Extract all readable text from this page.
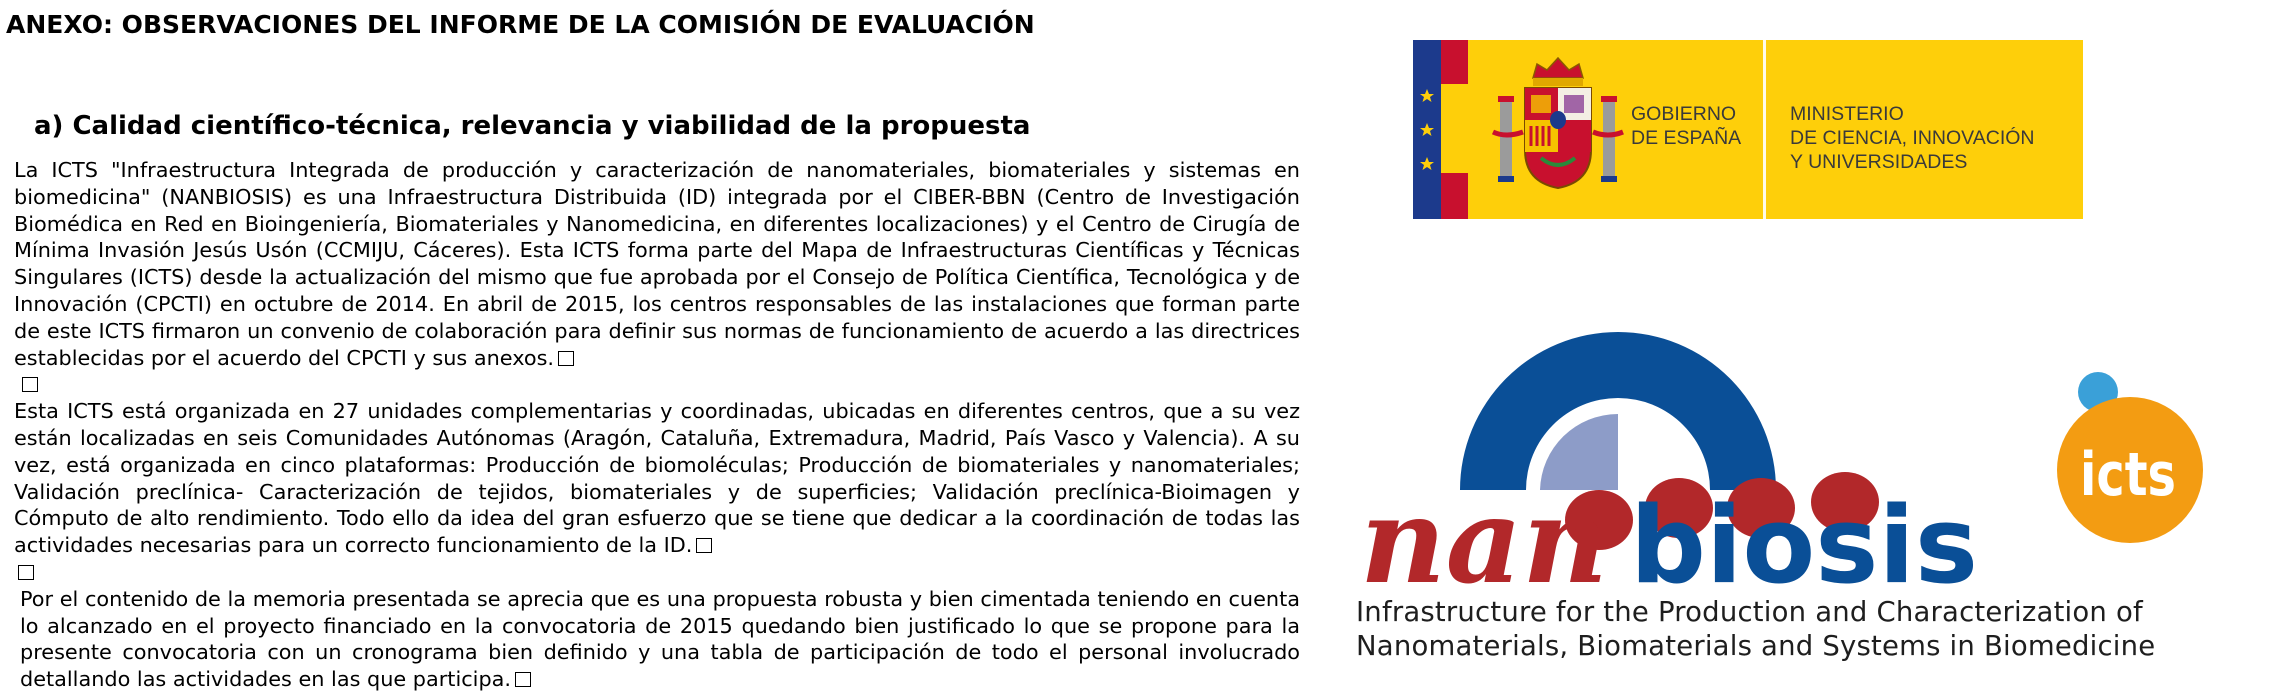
ANEXO: OBSERVACIONES DEL INFORME DE LA COMISIÓN DE EVALUACIÓN
a) Calidad científico-técnica, relevancia y viabilidad de la propuesta

La ICTS "Infraestructura Integrada de producción y caracterización de nanomateriales, biomateriales y sistemas en biomedicina" (NANBIOSIS) es una Infraestructura Distribuida (ID) integrada por el CIBER-BBN (Centro de Investigación Biomédica en Red en Bioingeniería, Biomateriales y Nanomedicina, en diferentes localizaciones) y el Centro de Cirugía de Mínima Invasión Jesús Usón (CCMIJU, Cáceres). Esta ICTS forma parte del Mapa de Infraestructuras Científicas y Técnicas Singulares (ICTS) desde la actualización del mismo que fue aprobada por el Consejo de Política Científica, Tecnológica y de Innovación (CPCTI) en octubre de 2014. En abril de 2015, los centros responsables de las instalaciones que forman parte de este ICTS firmaron un convenio de colaboración para definir sus normas de funcionamiento de acuerdo a las directrices establecidas por el acuerdo del CPCTI y sus anexos.

Esta ICTS está organizada en 27 unidades complementarias y coordinadas, ubicadas en diferentes centros, que a su vez están localizadas en seis Comunidades Autónomas (Aragón, Cataluña, Extremadura, Madrid, País Vasco y Valencia). A su vez, está organizada en cinco plataformas: Producción de biomoléculas; Producción de biomateriales y nanomateriales; Validación preclínica- Caracterización de tejidos, biomateriales y de superficies; Validación preclínica-Bioimagen y Cómputo de alto rendimiento. Todo ello da idea del gran esfuerzo que se tiene que dedicar a la coordinación de todas las actividades necesarias para un correcto funcionamiento de la ID.

Por el contenido de la memoria presentada se aprecia que es una propuesta robusta y bien cimentada teniendo en cuenta lo alcanzado en el proyecto financiado en la convocatoria de 2015 quedando bien justificado lo que se propone para la presente convocatoria con un cronograma bien definido y una tabla de participación de todo el personal involucrado detallando las actividades en las que participa.

GOBIERNO
DE ESPAÑA
MINISTERIO
DE CIENCIA, INNOVACIÓN
Y UNIVERSIDADES
nan biosis
icts
Infrastructure for the Production and Characterization of
Nanomaterials, Biomaterials and Systems in Biomedicine
